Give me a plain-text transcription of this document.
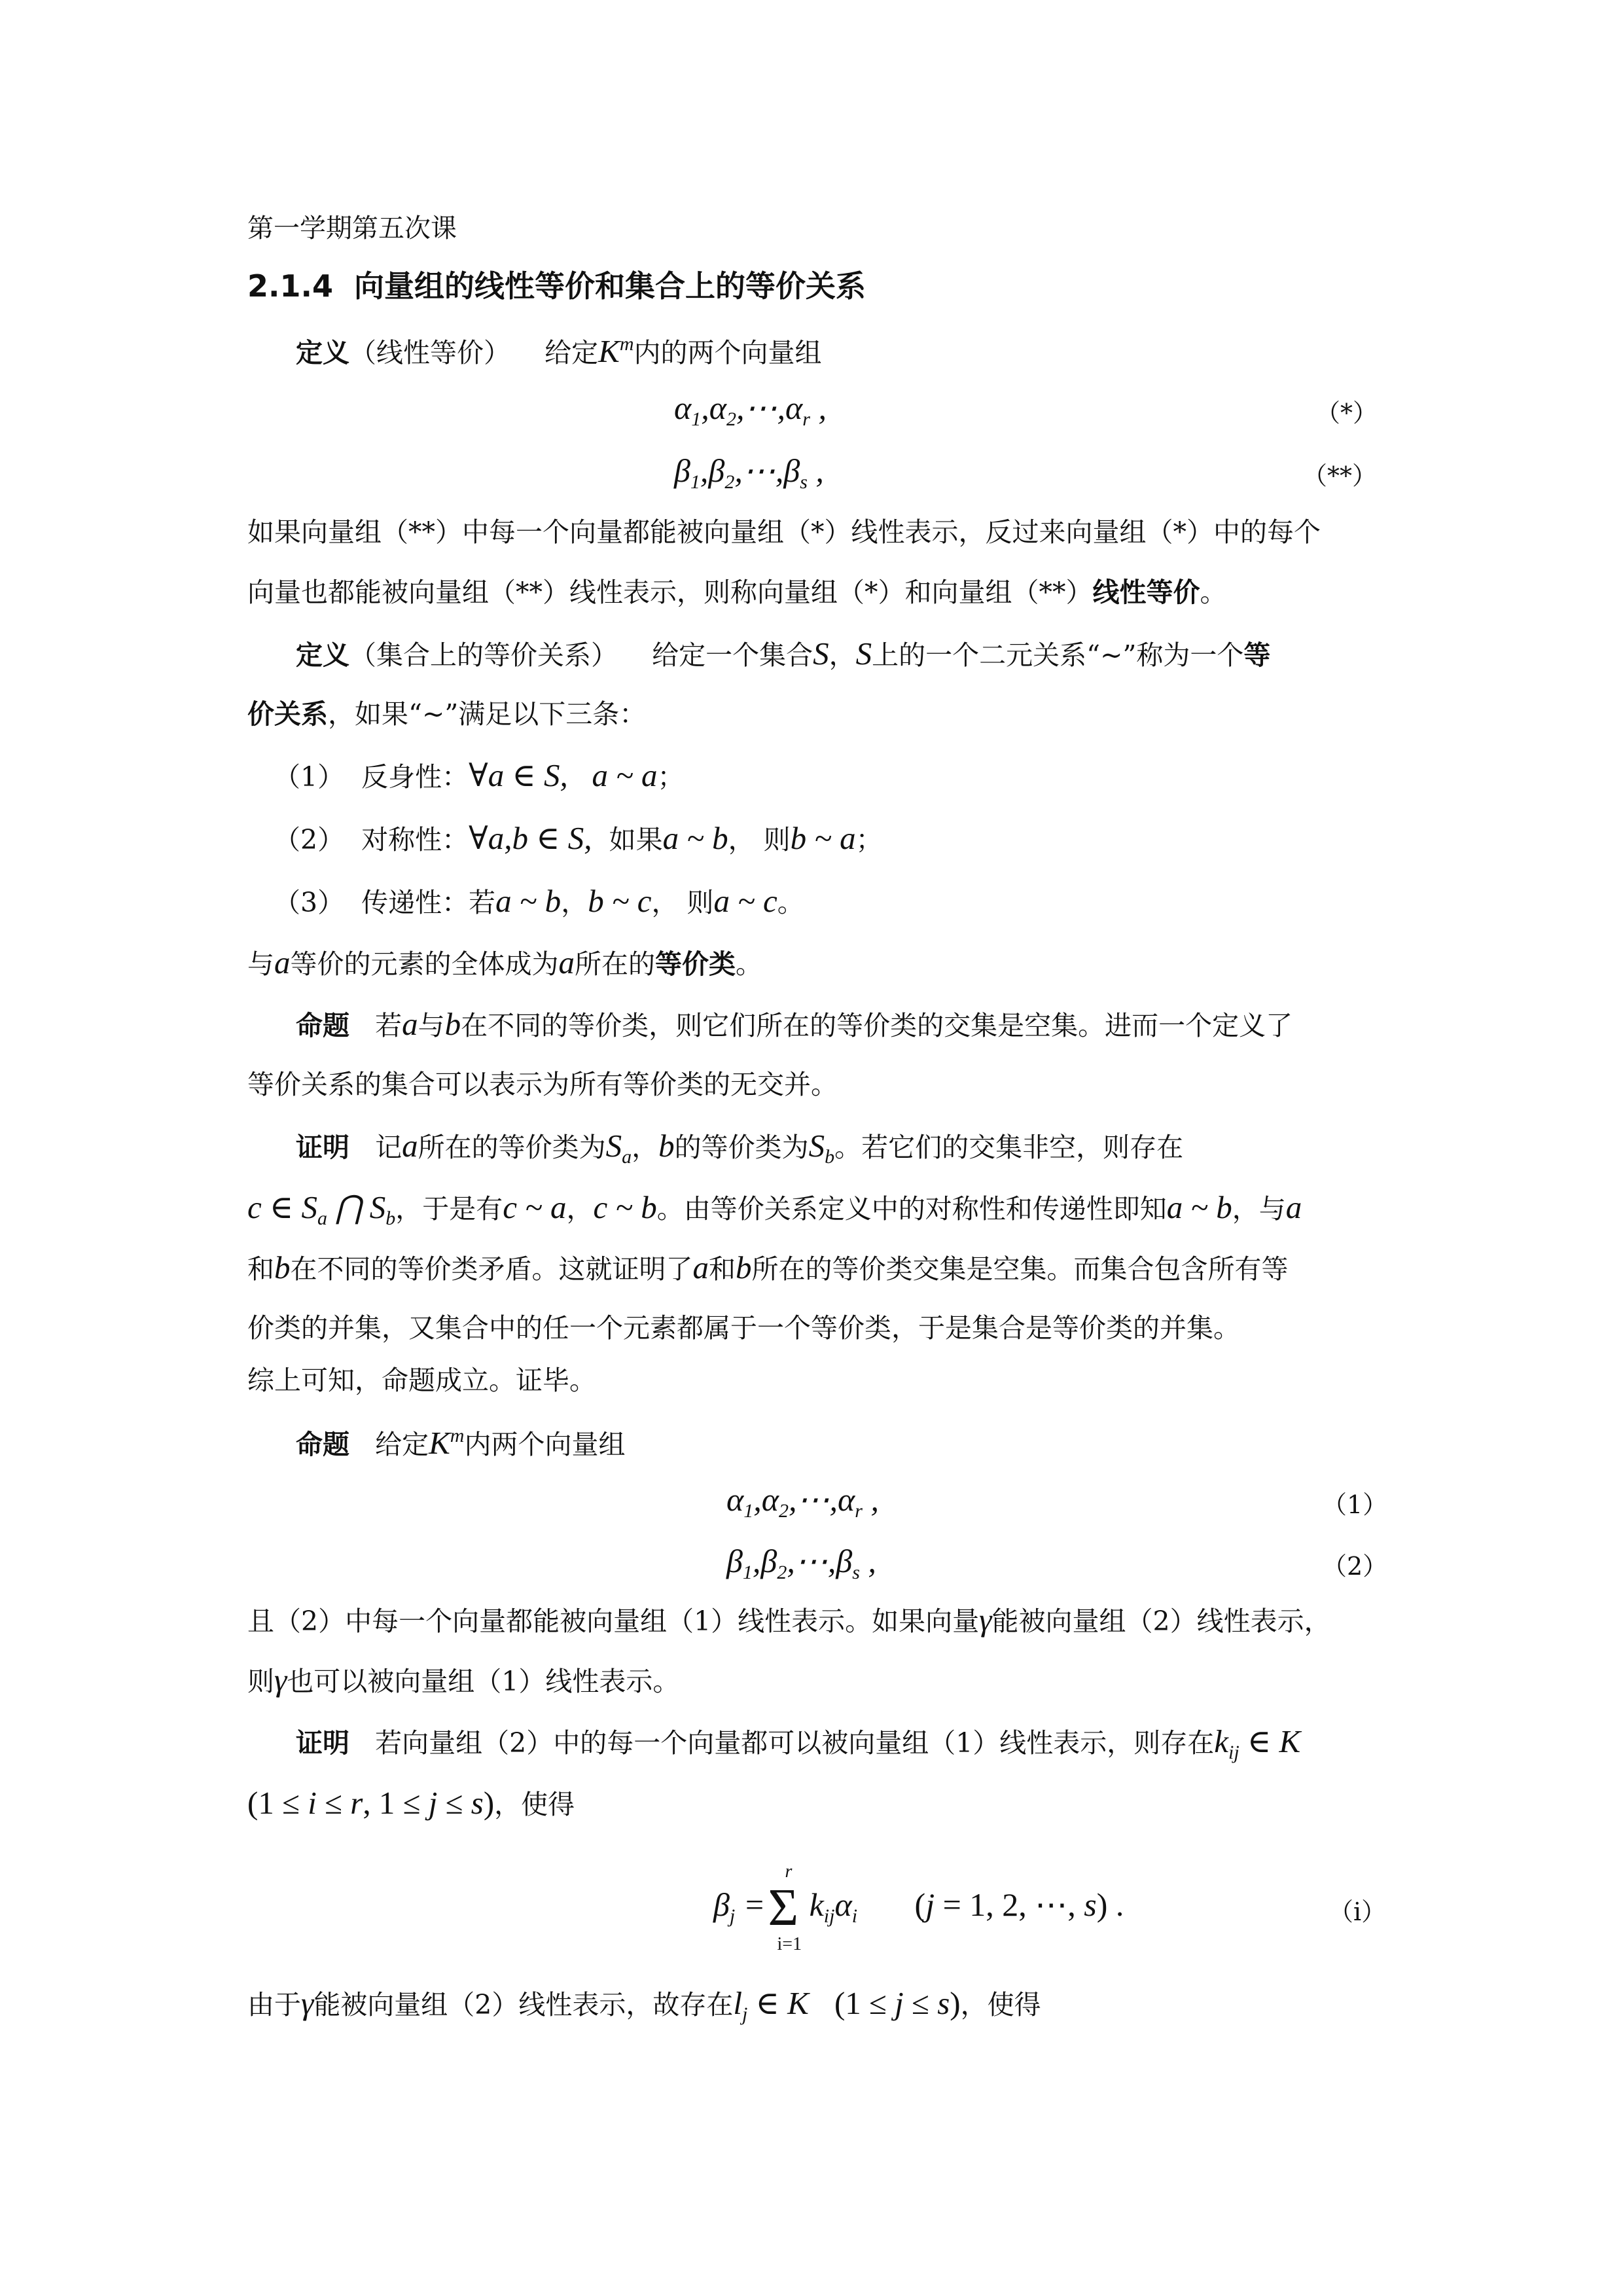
第一学期第五次课
2.1.4 向量组的线性等价和集合上的等价关系
定义（线性等价） 给定$K^m$内的两个向量组
$\alpha_1,\alpha_2,\cdots,\alpha_r$ ,	（*）
$\beta_1,\beta_2,\cdots,\beta_s$ ,	（**）
如果向量组（**）中每一个向量都能被向量组（*）线性表示，反过来向量组（*）中的每个
向量也都能被向量组（**）线性表示，则称向量组（*）和向量组（**）线性等价。
定义（集合上的等价关系） 给定一个集合S，S上的一个二元关系“~”称为一个等
价关系，如果“~”满足以下三条：
（1） 反身性：∀a ∈ S,   a ~ a；
（2） 对称性：∀a,b ∈ S, 如果a ~ b， 则b ~ a；
（3） 传递性：若a ~ b，b ~ c， 则a ~ c。
与a等价的元素的全体成为a所在的等价类。
命题 若a与b在不同的等价类，则它们所在的等价类的交集是空集。进而一个定义了
等价关系的集合可以表示为所有等价类的无交并。
证明 记a所在的等价类为$S_a$，b的等价类为$S_b$。若它们的交集非空，则存在
c ∈ $S_a$ ⋂ $S_b$，于是有c ~ a，c ~ b。由等价关系定义中的对称性和传递性即知a ~ b，与a
和b在不同的等价类矛盾。这就证明了a和b所在的等价类交集是空集。而集合包含所有等
价类的并集，又集合中的任一个元素都属于一个等价类，于是集合是等价类的并集。
综上可知，命题成立。证毕。
命题 给定$K^m$内两个向量组
$\alpha_1,\alpha_2,\cdots,\alpha_r$ ,	（1）
$\beta_1,\beta_2,\cdots,\beta_s$ ,	（2）
且（2）中每一个向量都能被向量组（1）线性表示。如果向量γ能被向量组（2）线性表示，
则γ也可以被向量组（1）线性表示。
证明 若向量组（2）中的每一个向量都可以被向量组（1）线性表示，则存在$k_{ij}$ ∈ K
(1 ≤ i ≤ r, 1 ≤ j ≤ s)，使得
$\beta_j =\Sigma$
r
i=1
$k_{ij}\alpha_i$ (j = 1, 2, ⋯, s) .	（i）
由于γ能被向量组（2）线性表示，故存在$l_j$ ∈ K (1 ≤ j ≤ s)，使得
